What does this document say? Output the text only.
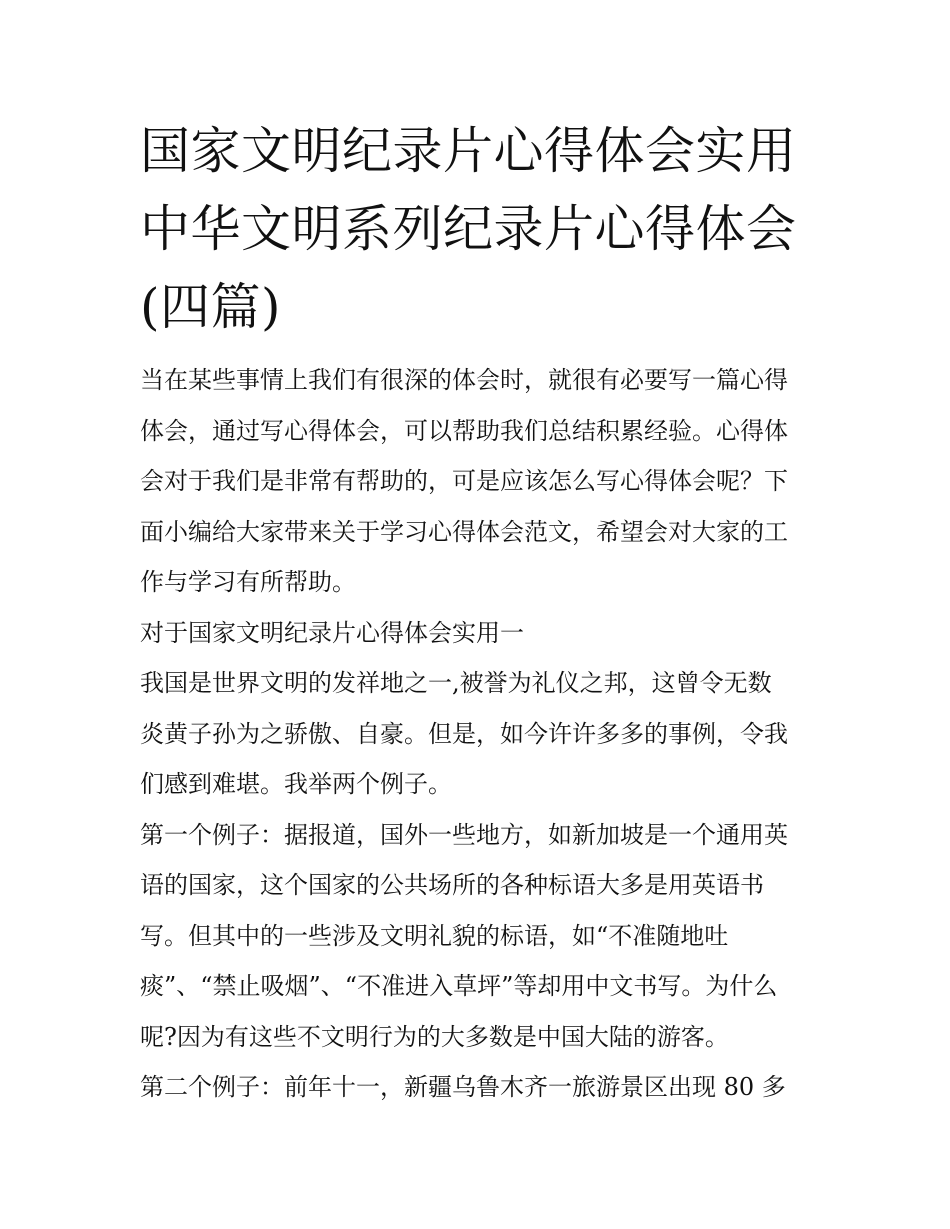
国家文明纪录片心得体会实用
中华文明系列纪录片心得体会
(四篇)
当在某些事情上我们有很深的体会时，就很有必要写一篇心得
体会，通过写心得体会，可以帮助我们总结积累经验。心得体
会对于我们是非常有帮助的，可是应该怎么写心得体会呢？下
面小编给大家带来关于学习心得体会范文，希望会对大家的工
作与学习有所帮助。
对于国家文明纪录片心得体会实用一
我国是世界文明的发祥地之一,被誉为礼仪之邦，这曾令无数
炎黄子孙为之骄傲、自豪。但是，如今许许多多的事例，令我
们感到难堪。我举两个例子。
第一个例子：据报道，国外一些地方，如新加坡是一个通用英
语的国家，这个国家的公共场所的各种标语大多是用英语书
写。但其中的一些涉及文明礼貌的标语，如“不准随地吐
痰”、“禁止吸烟”、“不准进入草坪”等却用中文书写。为什么
呢?因为有这些不文明行为的大多数是中国大陆的游客。
第二个例子：前年十一，新疆乌鲁木齐一旅游景区出现 80 多
